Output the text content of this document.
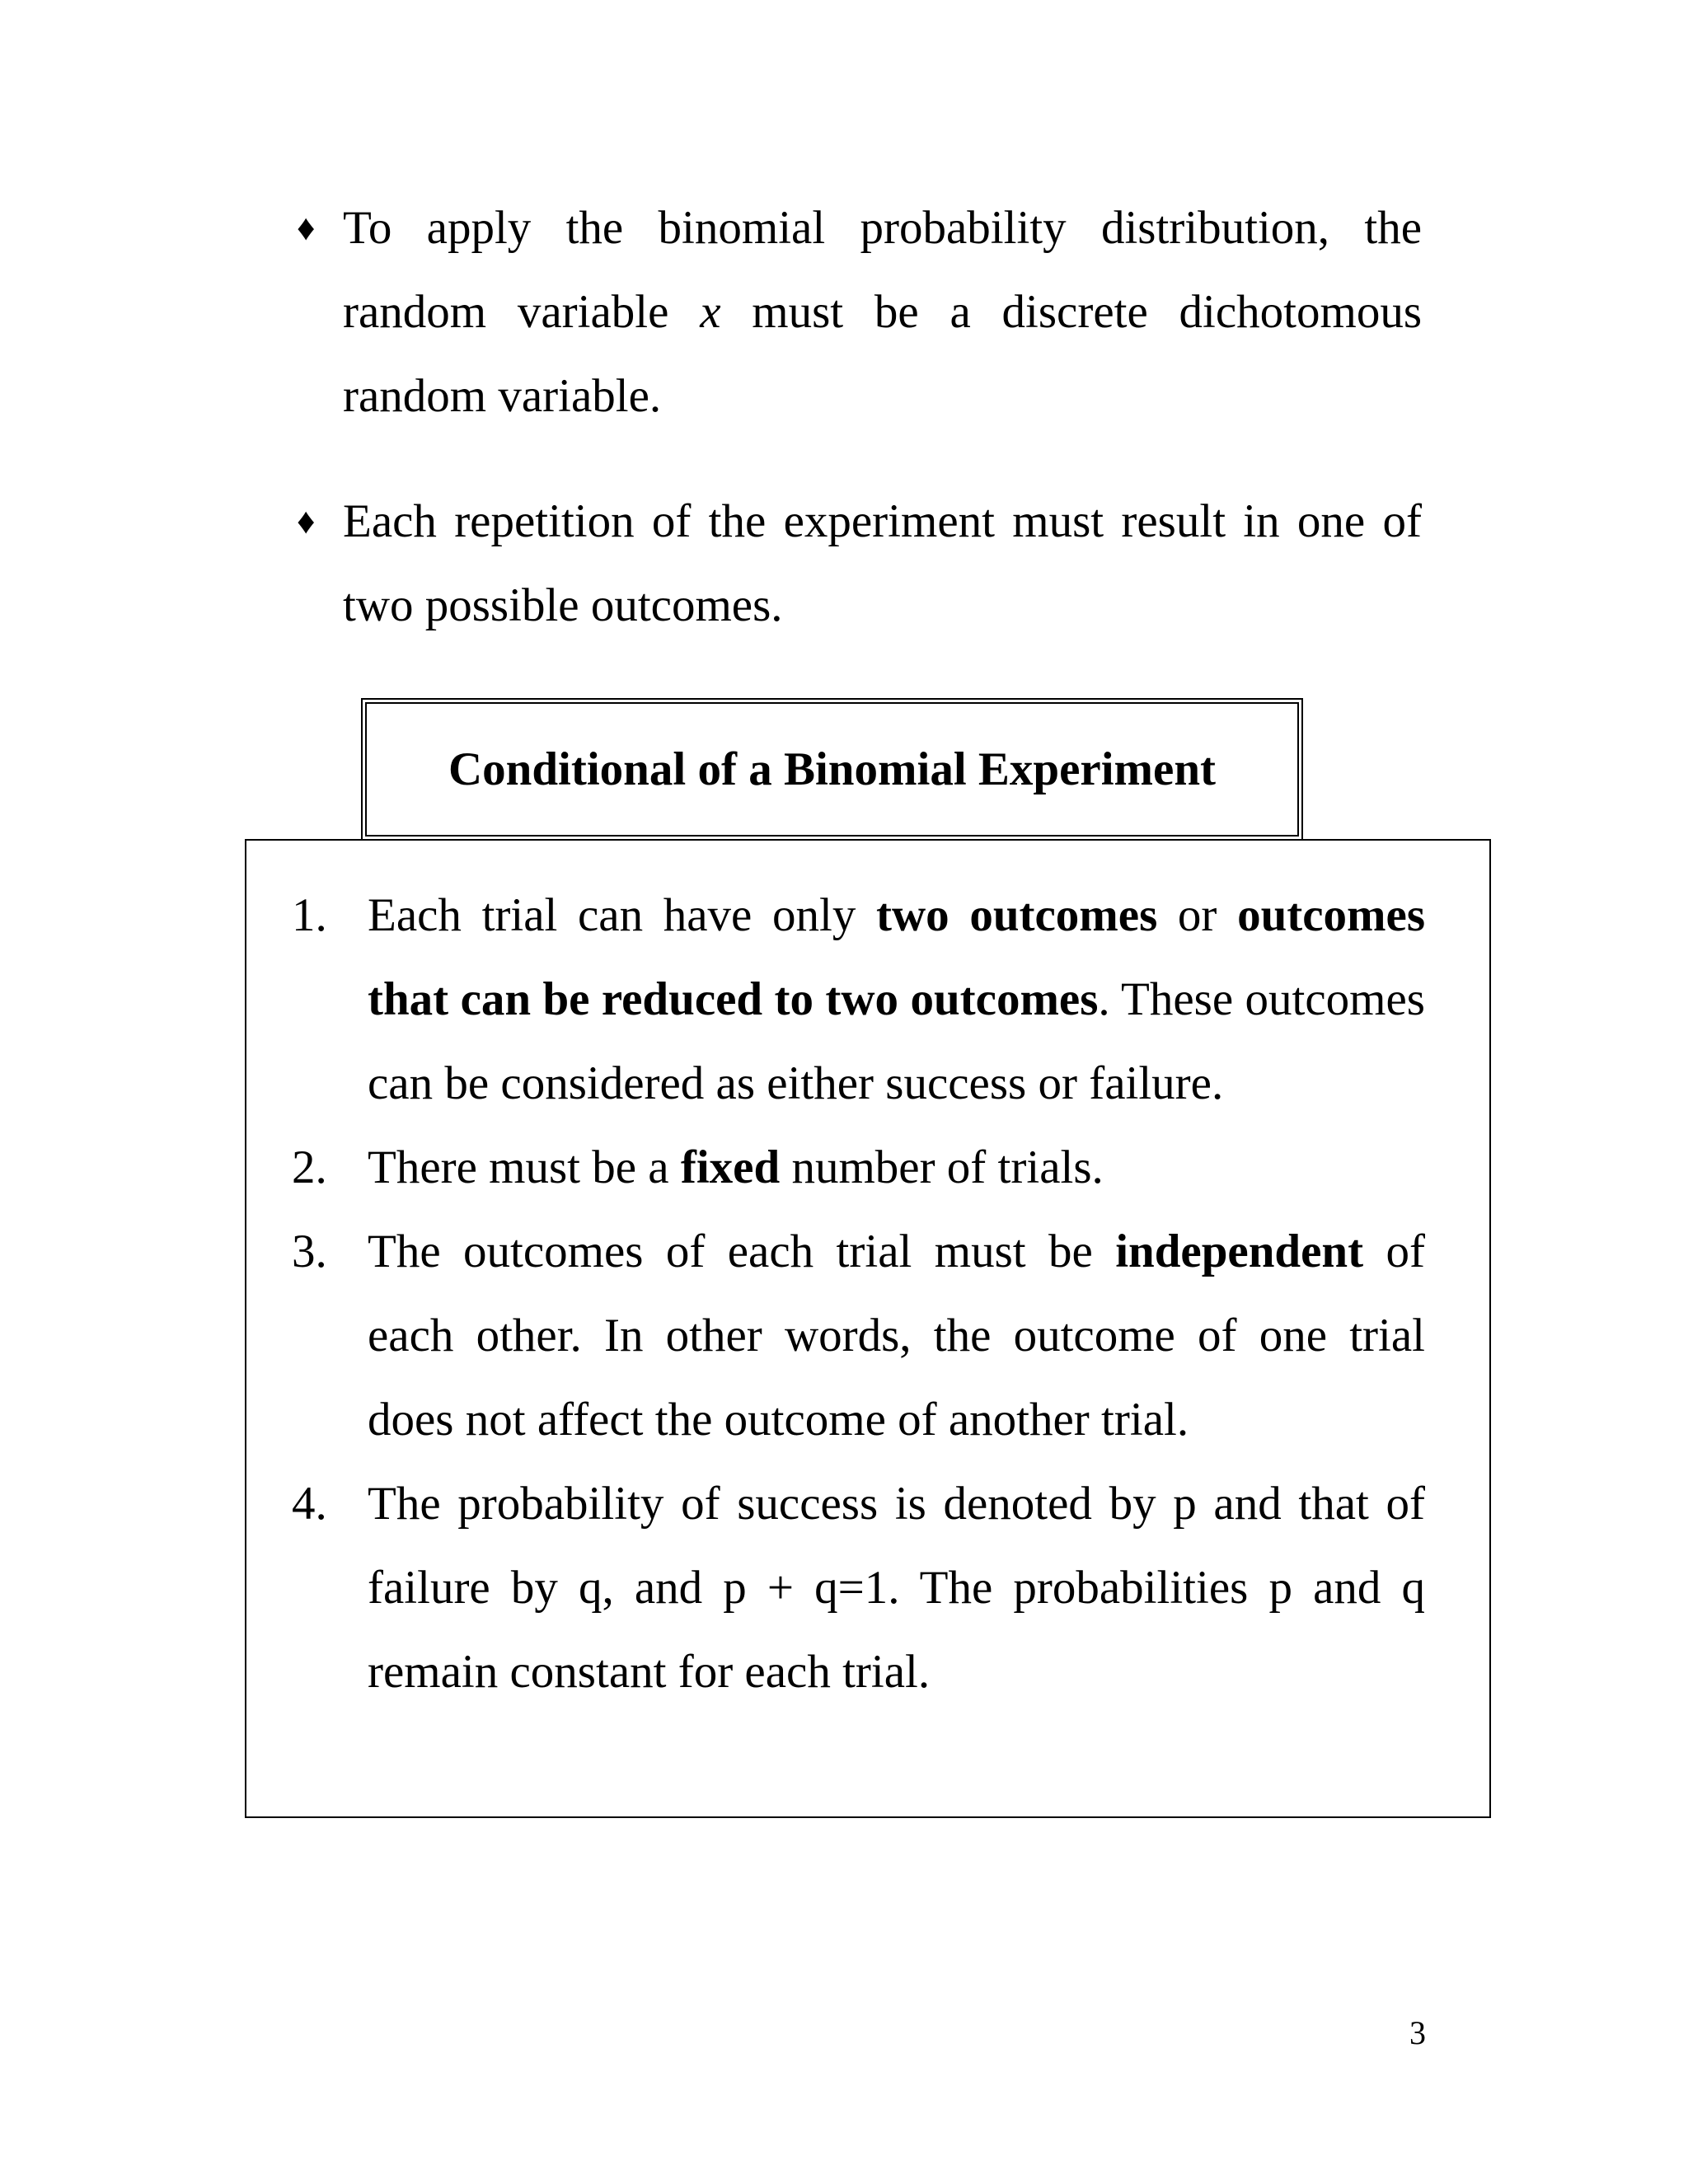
♦ To apply the binomial probability distribution, the random variable x must be a discrete dichotomous random variable.
♦ Each repetition of the experiment must result in one of two possible outcomes.
Conditional of a Binomial Experiment
1. Each trial can have only two outcomes or outcomes that can be reduced to two outcomes. These outcomes can be considered as either success or failure.
2. There must be a fixed number of trials.
3. The outcomes of each trial must be independent of each other. In other words, the outcome of one trial does not affect the outcome of another trial.
4. The probability of success is denoted by p and that of failure by q, and p + q=1. The probabilities p and q remain constant for each trial.
3
